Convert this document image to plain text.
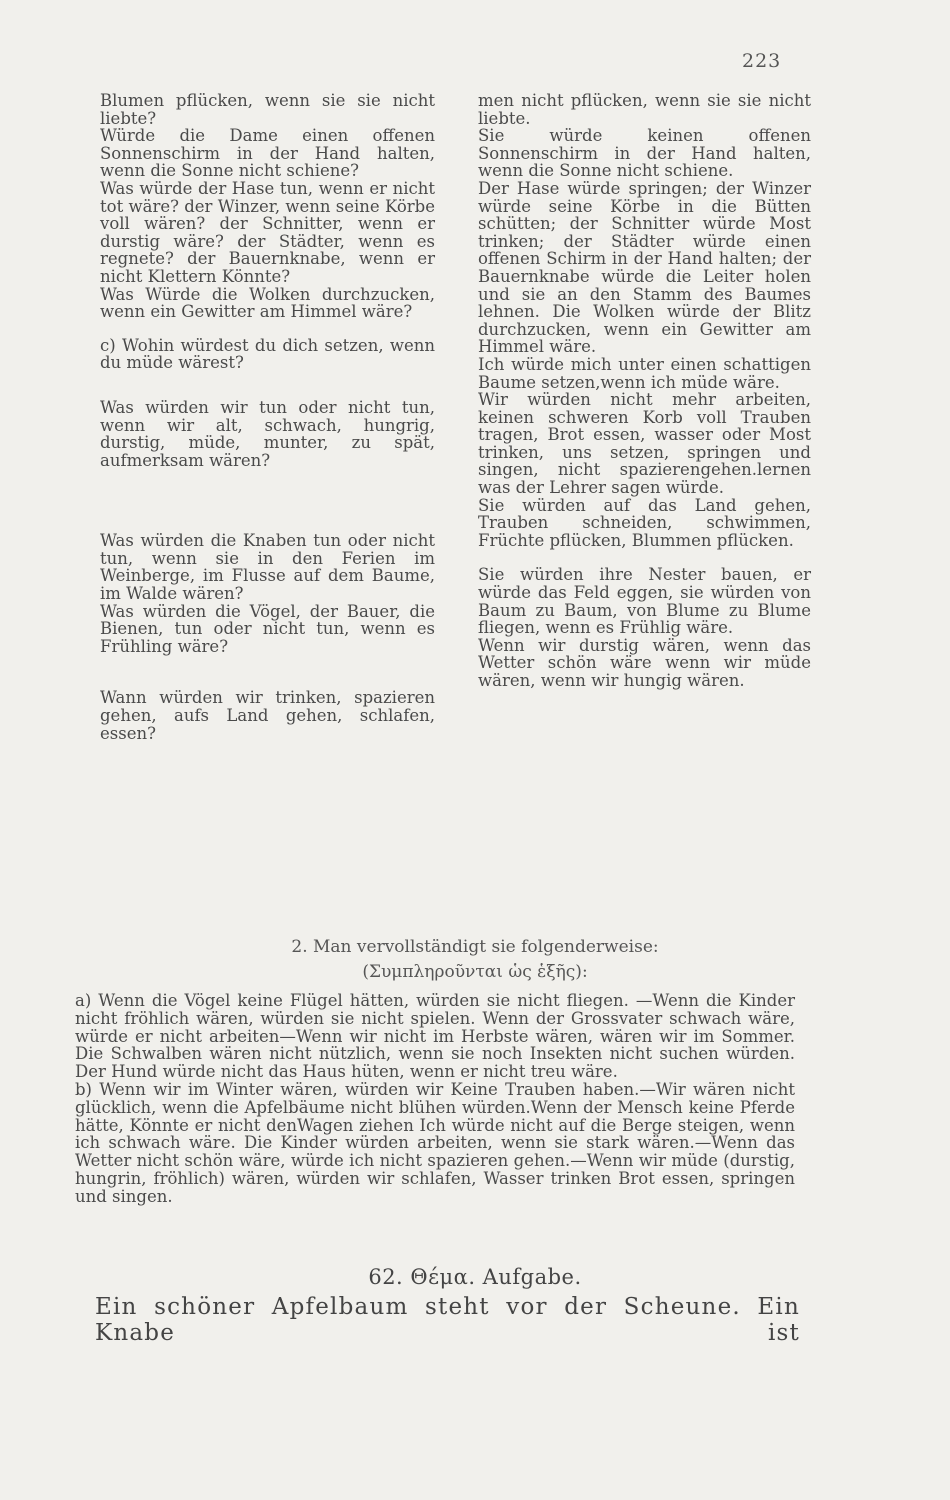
223

Blumen pflücken, wenn sie sie nicht liebte?

Würde die Dame einen offenen Sonnenschirm in der Hand halten, wenn die Sonne nicht schiene?

Was würde der Hase tun, wenn er nicht tot wäre? der Winzer, wenn seine Körbe voll wären? der Schnitter, wenn er durstig wäre? der Städter, wenn es regnete? der Bauernknabe, wenn er nicht Klettern Könnte?

Was Würde die Wolken durchzucken, wenn ein Gewitter am Himmel wäre?

c) Wohin würdest du dich setzen, wenn du müde wärest?

Was würden wir tun oder nicht tun, wenn wir alt, schwach, hungrig, durstig, müde, munter, zu spät, aufmerksam wären?

Was würden die Knaben tun oder nicht tun, wenn sie in den Ferien im Weinberge, im Flusse auf dem Baume, im Walde wären?

Was würden die Vögel, der Bauer, die Bienen, tun oder nicht tun, wenn es Frühling wäre?

Wann würden wir trinken, spazieren gehen, aufs Land gehen, schlafen, essen?

men nicht pflücken, wenn sie sie nicht liebte.

Sie würde keinen offenen Sonnenschirm in der Hand halten, wenn die Sonne nicht schiene.

Der Hase würde springen; der Winzer würde seine Körbe in die Bütten schütten; der Schnitter würde Most trinken; der Städter würde einen offenen Schirm in der Hand halten; der Bauernknabe würde die Leiter holen und sie an den Stamm des Baumes lehnen. Die Wolken würde der Blitz durchzucken, wenn ein Gewitter am Himmel wäre.

Ich würde mich unter einen schattigen Baume setzen,wenn ich müde wäre.

Wir würden nicht mehr arbeiten, keinen schweren Korb voll Trauben tragen, Brot essen, wasser oder Most trinken, uns setzen, springen und singen, nicht spazierengehen.lernen was der Lehrer sagen würde.

Sie würden auf das Land gehen, Trauben schneiden, schwimmen, Früchte pflücken, Blummen pflücken.

Sie würden ihre Nester bauen, er würde das Feld eggen, sie würden von Baum zu Baum, von Blume zu Blume fliegen, wenn es Frühlig wäre.

Wenn wir durstig wären, wenn das Wetter schön wäre wenn wir müde wären, wenn wir hungig wären.

2. Man vervollständigt sie folgenderweise:
(Συμπληροῦνται ὡς ἑξῆς):

a) Wenn die Vögel keine Flügel hätten, würden sie nicht fliegen. —Wenn die Kinder nicht fröhlich wären, würden sie nicht spielen. Wenn der Grossvater schwach wäre, würde er nicht arbeiten—Wenn wir nicht im Herbste wären, wären wir im Sommer. Die Schwalben wären nicht nützlich, wenn sie noch Insekten nicht suchen würden. Der Hund würde nicht das Haus hüten, wenn er nicht treu wäre.

b) Wenn wir im Winter wären, würden wir Keine Trauben haben.—Wir wären nicht glücklich, wenn die Apfelbäume nicht blühen würden.Wenn der Mensch keine Pferde hätte, Könnte er nicht denWagen ziehen Ich würde nicht auf die Berge steigen, wenn ich schwach wäre. Die Kinder würden arbeiten, wenn sie stark wären.—Wenn das Wetter nicht schön wäre, würde ich nicht spazieren gehen.—Wenn wir müde (durstig, hungrin, fröhlich) wären, würden wir schlafen, Wasser trinken Brot essen, springen und singen.

62. Θέμα. Aufgabe.
Ein schöner Apfelbaum steht vor der Scheune. Ein Knabe ist
